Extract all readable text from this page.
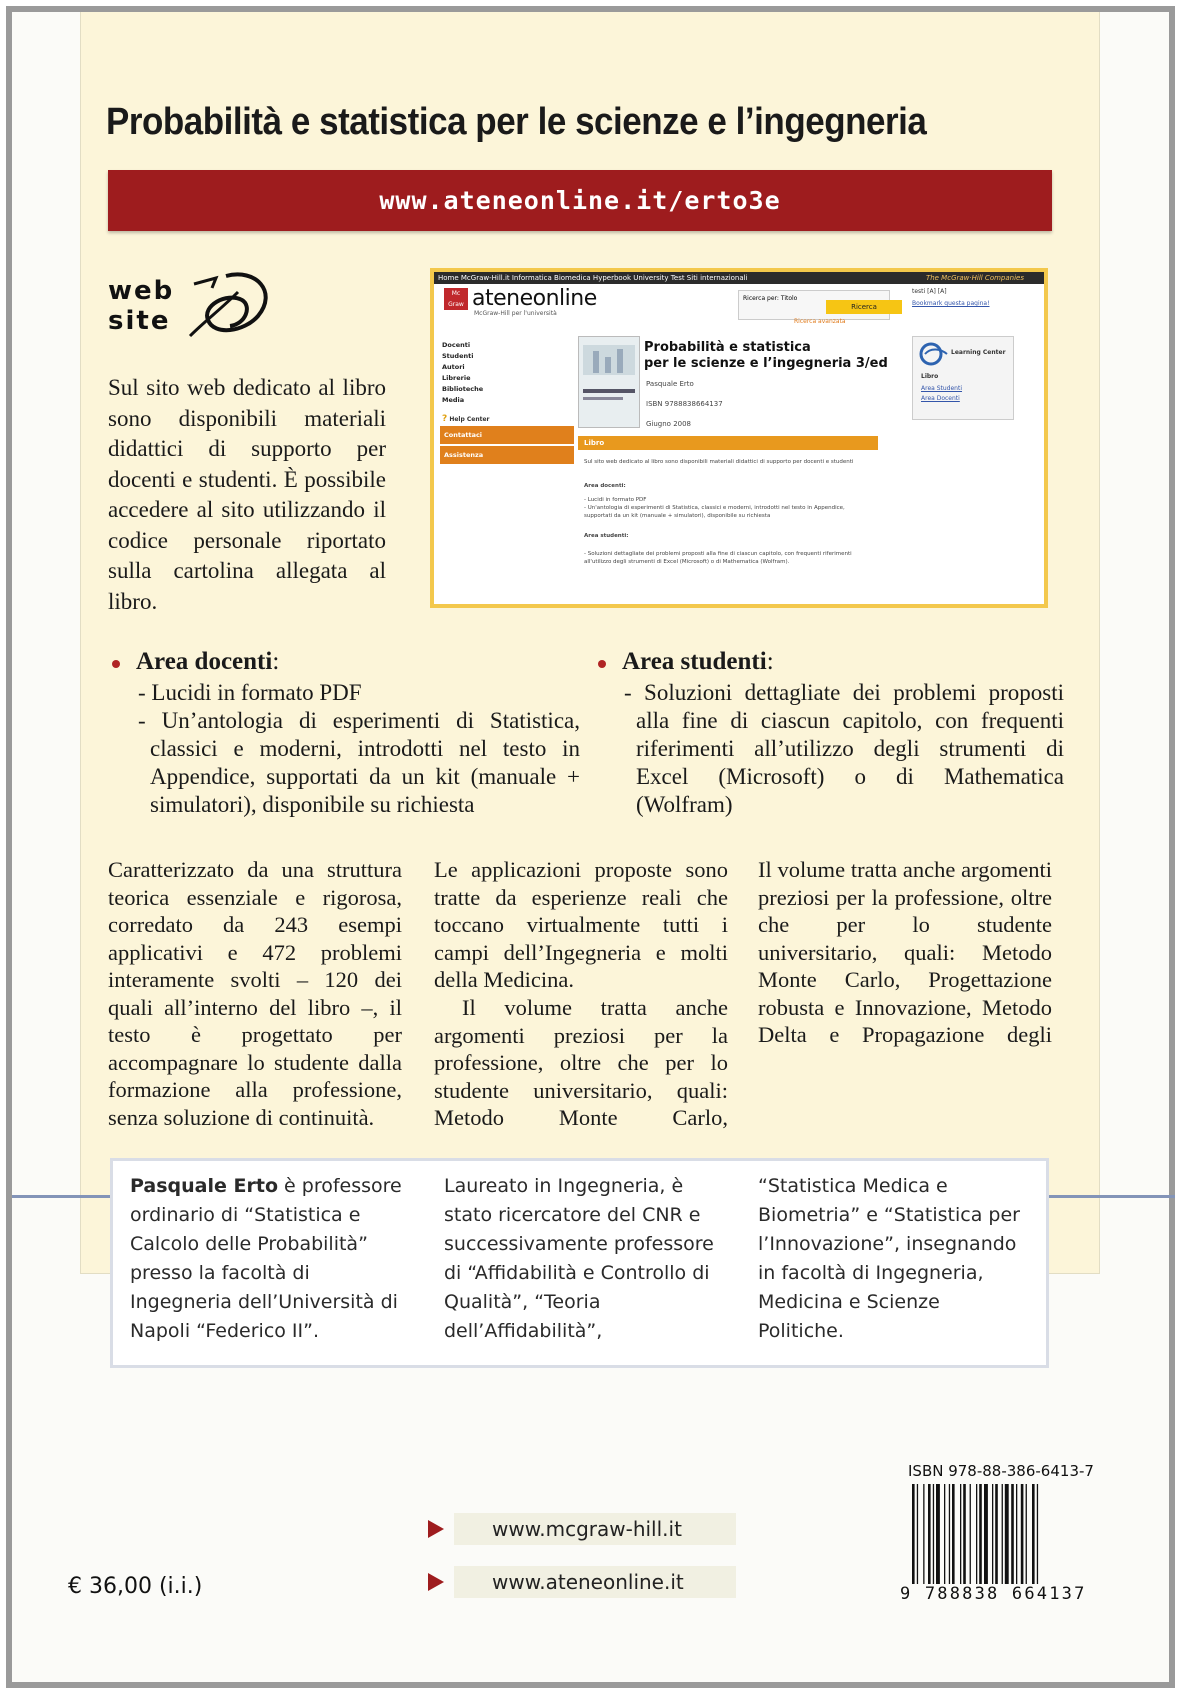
Probabilità e statistica per le scienze e l’ingegneria
www.ateneonline.it/erto3e
web
site
Sul sito web dedicato al libro sono disponibili materiali didattici di supporto per docenti e studenti. È possibile accedere al sito utilizzando il codice personale riportato sulla cartolina allegata al libro.
Home McGraw-Hill.it Informatica Biomedica Hyperbook University Test Siti internazionali	The McGraw·Hill Companies
Mc Graw Hill
ateneonline
McGraw-Hill per l'università
Ricerca per: Titolo
Ricerca
Ricerca avanzata
testi [A] [A]
Bookmark questa pagina!
Docenti
Studenti
Autori
Librerie
Biblioteche
Media
? Help Center
Contattaci
Assistenza
Probabilità e statistica
per le scienze e l’ingegneria 3/ed
Pasquale Erto
ISBN 9788838664137
Giugno 2008
Learning Center
Libro
Area Studenti
Area Docenti
Libro
Sul sito web dedicato al libro sono disponibili materiali didattici di supporto per docenti e studenti
Area docenti:
- Lucidi in formato PDF
- Un'antologia di esperimenti di Statistica, classici e moderni, introdotti nel testo in Appendice, supportati da un kit (manuale + simulatori), disponibile su richiesta
Area studenti:
- Soluzioni dettagliate dei problemi proposti alla fine di ciascun capitolo, con frequenti riferimenti all'utilizzo degli strumenti di Excel (Microsoft) o di Mathematica (Wolfram).
Area docenti:
- Lucidi in formato PDF
- Un’antologia di esperimenti di Statistica, classici e moderni, introdotti nel testo in Appendice, supportati da un kit (manuale + simulatori), disponibile su richiesta
Area studenti:
- Soluzioni dettagliate dei problemi proposti alla fine di ciascun capitolo, con frequenti riferimenti all’utilizzo degli strumenti di Excel (Microsoft) o di Mathematica (Wolfram)
Caratterizzato da una struttura teorica essenziale e rigorosa, corredato da 243 esempi applicativi e 472 problemi interamente svolti – 120 dei quali all’interno del libro –, il testo è progettato per accompagnare lo studente dalla formazione alla professione, senza soluzione di continuità.
Le applicazioni proposte sono tratte da esperienze reali che toccano virtualmente tutti i campi dell’Ingegneria e molti della Medicina.
Il volume tratta anche argomenti preziosi per la professione, oltre che per lo studente universitario, quali: Metodo Monte Carlo,
Il volume tratta anche argomenti preziosi per la professione, oltre che per lo studente universitario, quali: Metodo Monte Carlo, Progettazione robusta e Innovazione, Metodo Delta e Propagazione degli
Pasquale Erto è professore ordinario di “Statistica e Calcolo delle Probabilità” presso la facoltà di Ingegneria dell’Università di Napoli “Federico II”.
Laureato in Ingegneria, è stato ricercatore del CNR e successivamente professore di “Affidabilità e Controllo di Qualità”, “Teoria dell’Affidabilità”,
“Statistica Medica e Biometria” e “Statistica per l’Innovazione”, insegnando in facoltà di Ingegneria, Medicina e Scienze Politiche.
ISBN 978-88-386-6413-7
9 788838 664137
www.mcgraw-hill.it
www.ateneonline.it
€ 36,00 (i.i.)
